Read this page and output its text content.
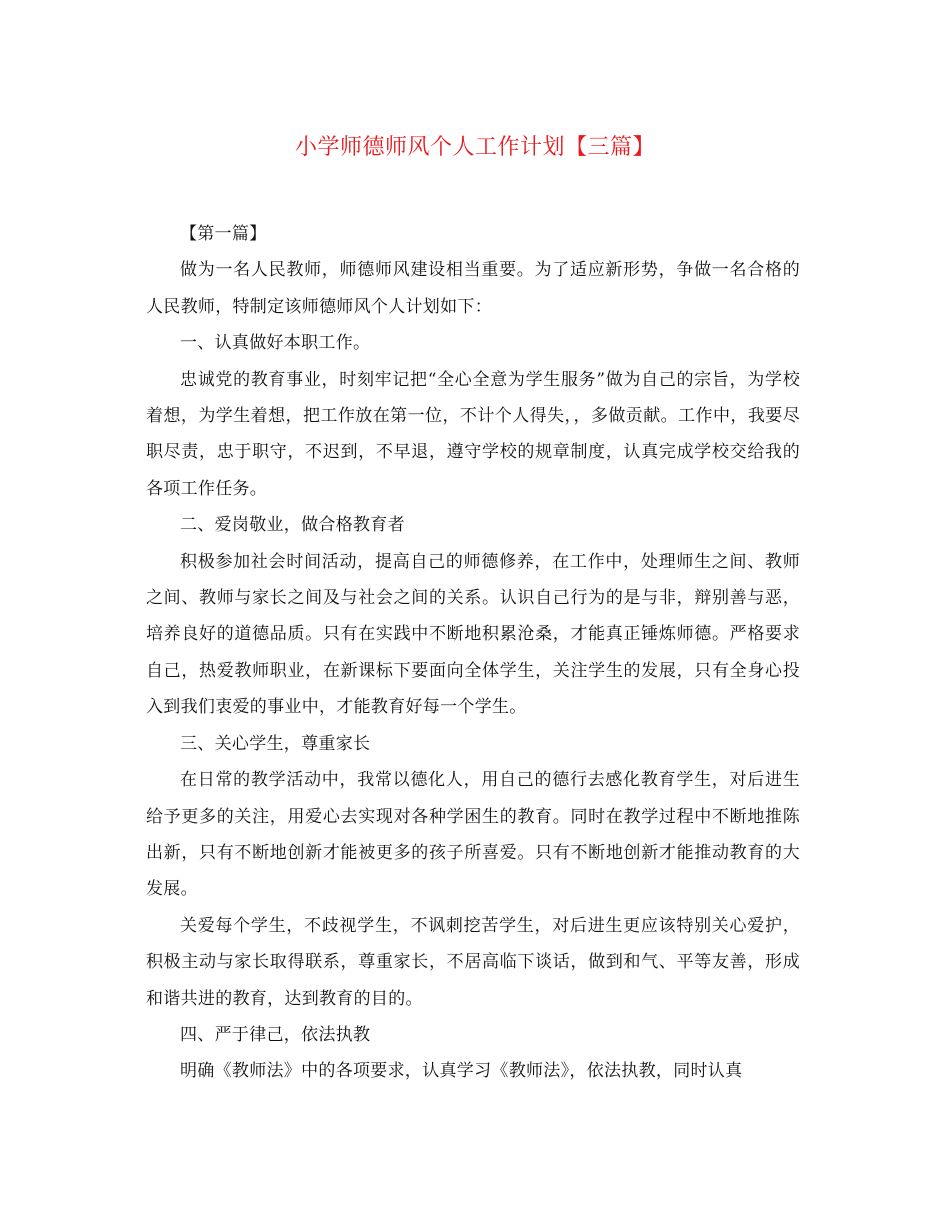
小学师德师风个人工作计划【三篇】

【第一篇】

做为一名人民教师，师德师风建设相当重要。为了适应新形势，争做一名合格的人民教师，特制定该师德师风个人计划如下：

一、认真做好本职工作。

忠诚党的教育事业，时刻牢记把“全心全意为学生服务”做为自己的宗旨，为学校着想，为学生着想，把工作放在第一位，不计个人得失，，多做贡献。工作中，我要尽职尽责，忠于职守，不迟到，不早退，遵守学校的规章制度，认真完成学校交给我的各项工作任务。

二、爱岗敬业，做合格教育者

积极参加社会时间活动，提高自己的师德修养，在工作中，处理师生之间、教师之间、教师与家长之间及与社会之间的关系。认识自己行为的是与非，辩别善与恶，培养良好的道德品质。只有在实践中不断地积累沧桑，才能真正锤炼师德。严格要求自己，热爱教师职业，在新课标下要面向全体学生，关注学生的发展，只有全身心投入到我们衷爱的事业中，才能教育好每一个学生。

三、关心学生，尊重家长

在日常的教学活动中，我常以德化人，用自己的德行去感化教育学生，对后进生给予更多的关注，用爱心去实现对各种学困生的教育。同时在教学过程中不断地推陈出新，只有不断地创新才能被更多的孩子所喜爱。只有不断地创新才能推动教育的大发展。

关爱每个学生，不歧视学生，不讽刺挖苦学生，对后进生更应该特别关心爱护，积极主动与家长取得联系，尊重家长，不居高临下谈话，做到和气、平等友善，形成和谐共进的教育，达到教育的目的。

四、严于律己，依法执教

明确《教师法》中的各项要求，认真学习《教师法》，依法执教，同时认真
